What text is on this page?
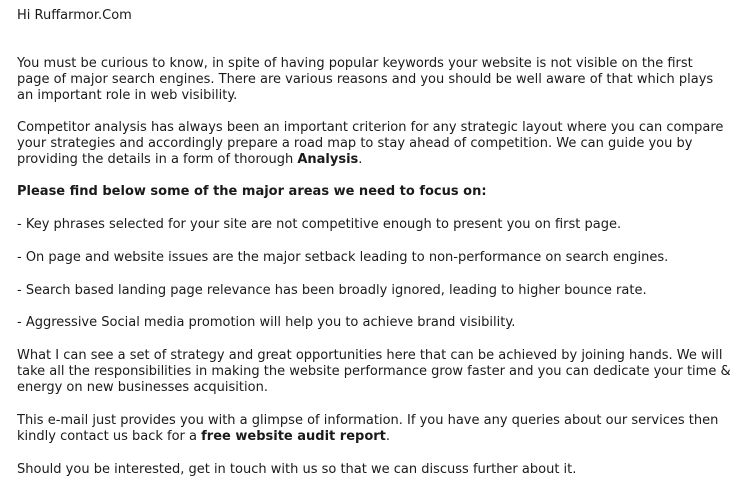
Hi Ruffarmor.Com

You must be curious to know, in spite of having popular keywords your website is not visible on the first
page of major search engines. There are various reasons and you should be well aware of that which plays
an important role in web visibility.

Competitor analysis has always been an important criterion for any strategic layout where you can compare
your strategies and accordingly prepare a road map to stay ahead of competition. We can guide you by
providing the details in a form of thorough Analysis.

Please find below some of the major areas we need to focus on:

- Key phrases selected for your site are not competitive enough to present you on first page.

- On page and website issues are the major setback leading to non-performance on search engines.

- Search based landing page relevance has been broadly ignored, leading to higher bounce rate.

- Aggressive Social media promotion will help you to achieve brand visibility.

What I can see a set of strategy and great opportunities here that can be achieved by joining hands. We will
take all the responsibilities in making the website performance grow faster and you can dedicate your time &
energy on new businesses acquisition.

This e-mail just provides you with a glimpse of information. If you have any queries about our services then
kindly contact us back for a free website audit report.

Should you be interested, get in touch with us so that we can discuss further about it.
